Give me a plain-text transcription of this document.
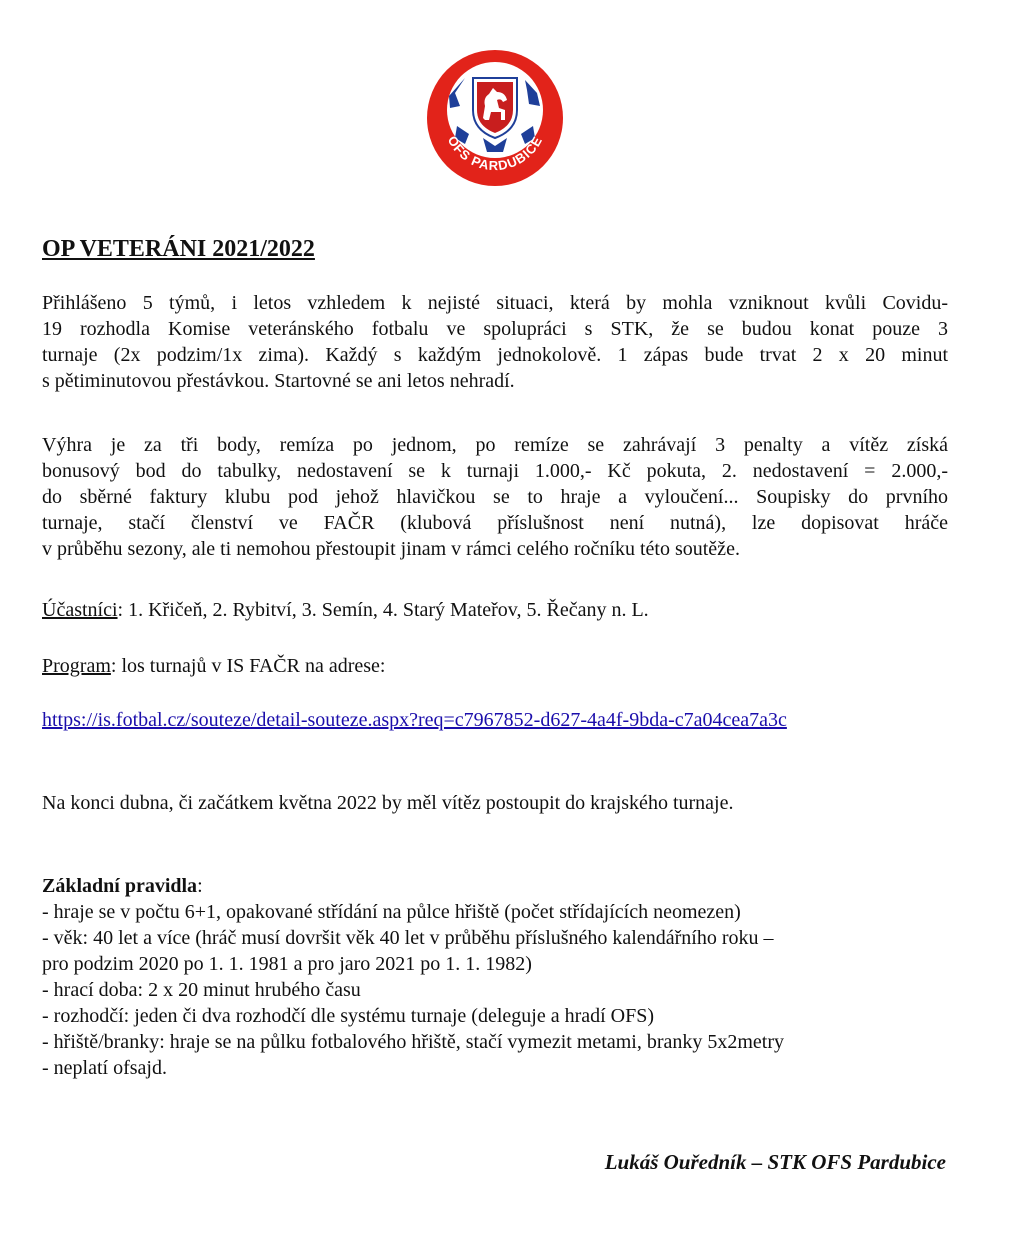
OFS PARDUBICE
OP VETERÁNI 2021/2022
Přihlášeno 5 týmů, i letos vzhledem k nejisté situaci, která by mohla vzniknout kvůli Covidu-
19 rozhodla Komise veteránského fotbalu ve spolupráci s STK, že se budou konat pouze 3
turnaje (2x podzim/1x zima). Každý s každým jednokolově. 1 zápas bude trvat 2 x 20 minut
s pětiminutovou přestávkou. Startovné se ani letos nehradí.
Výhra je za tři body, remíza po jednom, po remíze se zahrávají 3 penalty a vítěz získá
bonusový bod do tabulky, nedostavení se k turnaji 1.000,- Kč pokuta, 2. nedostavení = 2.000,-
do sběrné faktury klubu pod jehož hlavičkou se to hraje a vyloučení... Soupisky do prvního
turnaje, stačí členství ve FAČR (klubová příslušnost není nutná), lze dopisovat hráče
v průběhu sezony, ale ti nemohou přestoupit jinam v rámci celého ročníku této soutěže.
Účastníci: 1. Křičeň, 2. Rybitví, 3. Semín, 4. Starý Mateřov, 5. Řečany n. L.
Program: los turnajů v IS FAČR na adrese:
https://is.fotbal.cz/souteze/detail-souteze.aspx?req=c7967852-d627-4a4f-9bda-c7a04cea7a3c
Na konci dubna, či začátkem května 2022 by měl vítěz postoupit do krajského turnaje.
Základní pravidla:
- hraje se v počtu 6+1, opakované střídání na půlce hřiště (počet střídajících neomezen)
- věk: 40 let a více (hráč musí dovršit věk 40 let v průběhu příslušného kalendářního roku –
pro podzim 2020 po 1. 1. 1981 a pro jaro 2021 po 1. 1. 1982)
- hrací doba: 2 x 20 minut hrubého času
- rozhodčí: jeden či dva rozhodčí dle systému turnaje (deleguje a hradí OFS)
- hřiště/branky: hraje se na půlku fotbalového hřiště, stačí vymezit metami, branky 5x2metry
- neplatí ofsajd.
Lukáš Ouředník – STK OFS Pardubice
